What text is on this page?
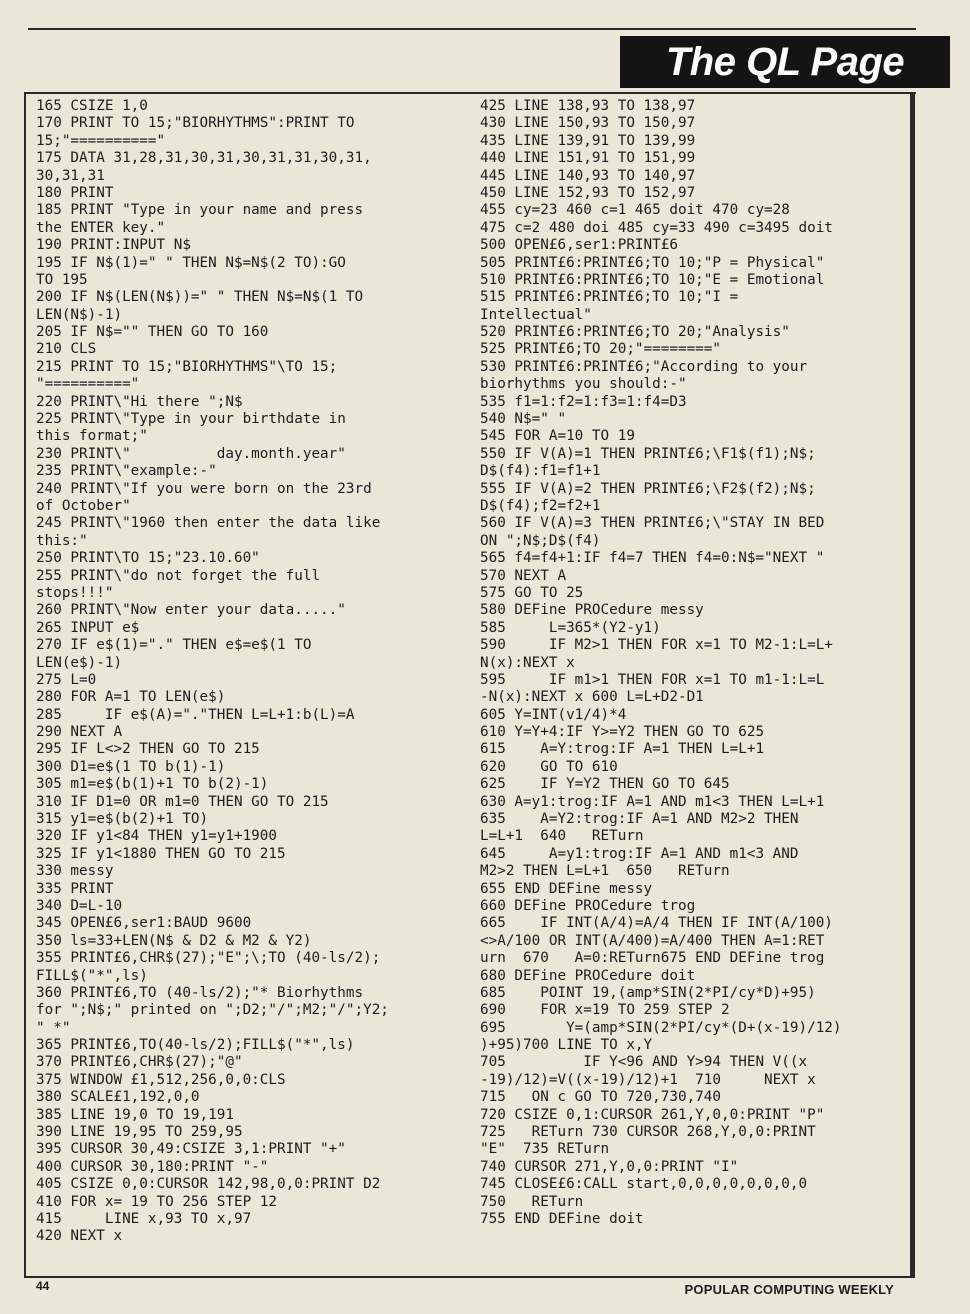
The QL Page
165 CSIZE 1,0
170 PRINT TO 15;"BIORHYTHMS":PRINT TO
15;"=========="
175 DATA 31,28,31,30,31,30,31,31,30,31,
30,31,31
180 PRINT
185 PRINT "Type in your name and press
the ENTER key."
190 PRINT:INPUT N$
195 IF N$(1)=" " THEN N$=N$(2 TO):GO
TO 195
200 IF N$(LEN(N$))=" " THEN N$=N$(1 TO
LEN(N$)-1)
205 IF N$="" THEN GO TO 160
210 CLS
215 PRINT TO 15;"BIORHYTHMS"\TO 15;
"=========="
220 PRINT\"Hi there ";N$
225 PRINT\"Type in your birthdate in
this format;"
230 PRINT\"          day.month.year"
235 PRINT\"example:-"
240 PRINT\"If you were born on the 23rd
of October"
245 PRINT\"1960 then enter the data like
this:"
250 PRINT\TO 15;"23.10.60"
255 PRINT\"do not forget the full
stops!!!"
260 PRINT\"Now enter your data....."
265 INPUT e$
270 IF e$(1)="." THEN e$=e$(1 TO
LEN(e$)-1)
275 L=0
280 FOR A=1 TO LEN(e$)
285     IF e$(A)="."THEN L=L+1:b(L)=A
290 NEXT A
295 IF L<>2 THEN GO TO 215
300 D1=e$(1 TO b(1)-1)
305 m1=e$(b(1)+1 TO b(2)-1)
310 IF D1=0 OR m1=0 THEN GO TO 215
315 y1=e$(b(2)+1 TO)
320 IF y1<84 THEN y1=y1+1900
325 IF y1<1880 THEN GO TO 215
330 messy
335 PRINT
340 D=L-10
345 OPEN£6,ser1:BAUD 9600
350 ls=33+LEN(N$ & D2 & M2 & Y2)
355 PRINT£6,CHR$(27);"E";\;TO (40-ls/2);
FILL$("*",ls)
360 PRINT£6,TO (40-ls/2);"* Biorhythms
for ";N$;" printed on ";D2;"/";M2;"/";Y2;
" *"
365 PRINT£6,TO(40-ls/2);FILL$("*",ls)
370 PRINT£6,CHR$(27);"@"
375 WINDOW £1,512,256,0,0:CLS
380 SCALE£1,192,0,0
385 LINE 19,0 TO 19,191
390 LINE 19,95 TO 259,95
395 CURSOR 30,49:CSIZE 3,1:PRINT "+"
400 CURSOR 30,180:PRINT "-"
405 CSIZE 0,0:CURSOR 142,98,0,0:PRINT D2
410 FOR x= 19 TO 256 STEP 12
415     LINE x,93 TO x,97
420 NEXT x
425 LINE 138,93 TO 138,97
430 LINE 150,93 TO 150,97
435 LINE 139,91 TO 139,99
440 LINE 151,91 TO 151,99
445 LINE 140,93 TO 140,97
450 LINE 152,93 TO 152,97
455 cy=23 460 c=1 465 doit 470 cy=28
475 c=2 480 doi 485 cy=33 490 c=3495 doit
500 OPEN£6,ser1:PRINT£6
505 PRINT£6:PRINT£6;TO 10;"P = Physical"
510 PRINT£6:PRINT£6;TO 10;"E = Emotional
515 PRINT£6:PRINT£6;TO 10;"I =
Intellectual"
520 PRINT£6:PRINT£6;TO 20;"Analysis"
525 PRINT£6;TO 20;"========"
530 PRINT£6:PRINT£6;"According to your
biorhythms you should:-"
535 f1=1:f2=1:f3=1:f4=D3
540 N$=" "
545 FOR A=10 TO 19
550 IF V(A)=1 THEN PRINT£6;\F1$(f1);N$;
D$(f4):f1=f1+1
555 IF V(A)=2 THEN PRINT£6;\F2$(f2);N$;
D$(f4);f2=f2+1
560 IF V(A)=3 THEN PRINT£6;\"STAY IN BED
ON ";N$;D$(f4)
565 f4=f4+1:IF f4=7 THEN f4=0:N$="NEXT "
570 NEXT A
575 GO TO 25
580 DEFine PROCedure messy
585     L=365*(Y2-y1)
590     IF M2>1 THEN FOR x=1 TO M2-1:L=L+
N(x):NEXT x
595     IF m1>1 THEN FOR x=1 TO m1-1:L=L
-N(x):NEXT x 600 L=L+D2-D1
605 Y=INT(v1/4)*4
610 Y=Y+4:IF Y>=Y2 THEN GO TO 625
615    A=Y:trog:IF A=1 THEN L=L+1
620    GO TO 610
625    IF Y=Y2 THEN GO TO 645
630 A=y1:trog:IF A=1 AND m1<3 THEN L=L+1
635    A=Y2:trog:IF A=1 AND M2>2 THEN
L=L+1  640   RETurn
645     A=y1:trog:IF A=1 AND m1<3 AND
M2>2 THEN L=L+1  650   RETurn
655 END DEFine messy
660 DEFine PROCedure trog
665    IF INT(A/4)=A/4 THEN IF INT(A/100)
<>A/100 OR INT(A/400)=A/400 THEN A=1:RET
urn  670   A=0:RETurn675 END DEFine trog
680 DEFine PROCedure doit
685    POINT 19,(amp*SIN(2*PI/cy*D)+95)
690    FOR x=19 TO 259 STEP 2
695       Y=(amp*SIN(2*PI/cy*(D+(x-19)/12)
)+95)700 LINE TO x,Y
705         IF Y<96 AND Y>94 THEN V((x
-19)/12)=V((x-19)/12)+1  710     NEXT x
715   ON c GO TO 720,730,740
720 CSIZE 0,1:CURSOR 261,Y,0,0:PRINT "P"
725   RETurn 730 CURSOR 268,Y,0,0:PRINT
"E"  735 RETurn
740 CURSOR 271,Y,0,0:PRINT "I"
745 CLOSE£6:CALL start,0,0,0,0,0,0,0,0
750   RETurn
755 END DEFine doit
44	POPULAR COMPUTING WEEKLY
